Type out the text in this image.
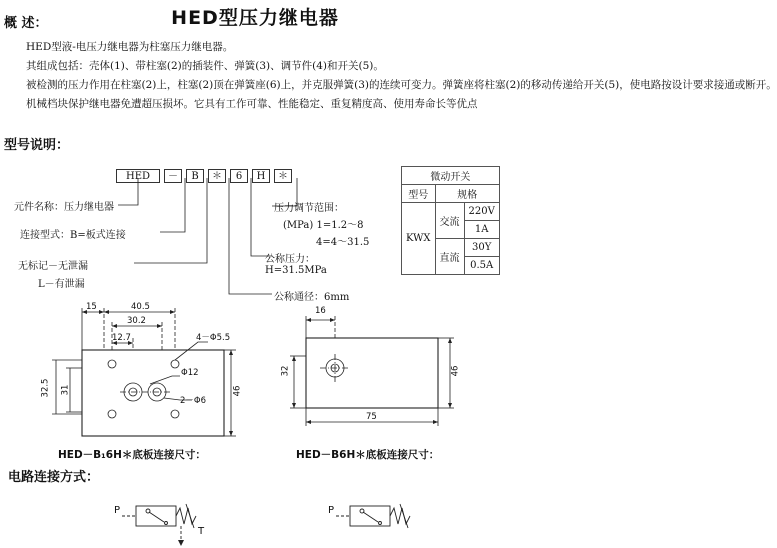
概 述：	HED型压力继电器

HED型液-电压力继电器为柱塞压力继电器。

其组成包括：壳体(1)、带柱塞(2)的插装件、弹簧(3)、调节件(4)和开关(5)。

被检测的压力作用在柱塞(2)上，柱塞(2)顶在弹簧座(6)上，并克服弹簧(3)的连续可变力。弹簧座将柱塞(2)的移动传递给开关(5)，使电路按设计要求接通或断开。

机械档块保护继电器免遭超压损坏。它具有工作可靠、性能稳定、重复精度高、使用寿命长等优点

型号说明：
HED － B ＊ 6 H ＊
元件名称：压力继电器
连接型式：B=板式连接
无标记－无泄漏
L－有泄漏
压力调节范围：
(MPa) 1=1.2～8
4=4～31.5
公称压力：
H=31.5MPa
公称通径：6mm
微动开关		
型号	规格	
KWX	交流	220V
		1A
	直流	30Y
		0.5A
15	40.5
30.2
12.7	4－Φ5.5
Φ12
2－Φ6
32.5 31	46
HED－B₁6H＊底板连接尺寸：
16
32	46
75
HED－B6H＊底板连接尺寸：
电路连接方式：
P
T
P
